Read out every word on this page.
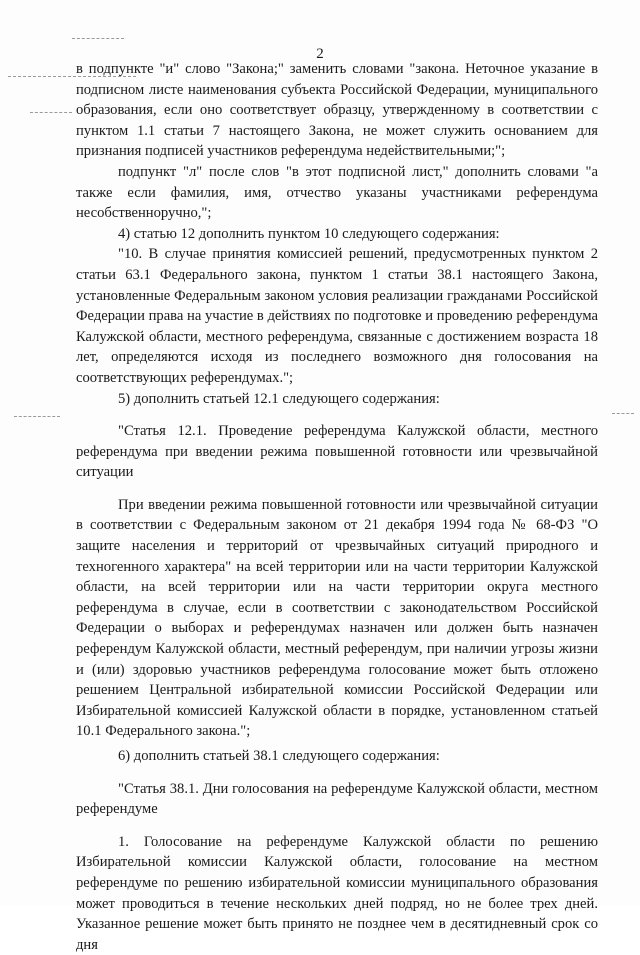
2

в подпункте "и" слово "Закона;" заменить словами "закона. Неточное указание в подписном листе наименования субъекта Российской Федерации, муниципального образования, если оно соответствует образцу, утвержденному в соответствии с пунктом 1.1 статьи 7 настоящего Закона, не может служить основанием для признания подписей участников референдума недействительными;";

подпункт "л" после слов "в этот подписной лист," дополнить словами "а также если фамилия, имя, отчество указаны участниками референдума несобственноручно,";

4) статью 12 дополнить пунктом 10 следующего содержания:

"10. В случае принятия комиссией решений, предусмотренных пунктом 2 статьи 63.1 Федерального закона, пунктом 1 статьи 38.1 настоящего Закона, установленные Федеральным законом условия реализации гражданами Российской Федерации права на участие в действиях по подготовке и проведению референдума Калужской области, местного референдума, связанные с достижением возраста 18 лет, определяются исходя из последнего возможного дня голосования на соответствующих референдумах.";

5) дополнить статьей 12.1 следующего содержания:

"Статья 12.1. Проведение референдума Калужской области, местного референдума при введении режима повышенной готовности или чрезвычайной ситуации

При введении режима повышенной готовности или чрезвычайной ситуации в соответствии с Федеральным законом от 21 декабря 1994 года № 68-ФЗ "О защите населения и территорий от чрезвычайных ситуаций природного и техногенного характера" на всей территории или на части территории Калужской области, на всей территории или на части территории округа местного референдума в случае, если в соответствии с законодательством Российской Федерации о выборах и референдумах назначен или должен быть назначен референдум Калужской области, местный референдум, при наличии угрозы жизни и (или) здоровью участников референдума голосование может быть отложено решением Центральной избирательной комиссии Российской Федерации или Избирательной комиссией Калужской области в порядке, установленном статьей 10.1 Федерального закона.";

6) дополнить статьей 38.1 следующего содержания:

"Статья 38.1. Дни голосования на референдуме Калужской области, местном референдуме

1. Голосование на референдуме Калужской области по решению Избирательной комиссии Калужской области, голосование на местном референдуме по решению избирательной комиссии муниципального образования может проводиться в течение нескольких дней подряд, но не более трех дней. Указанное решение может быть принято не позднее чем в десятидневный срок со дня
